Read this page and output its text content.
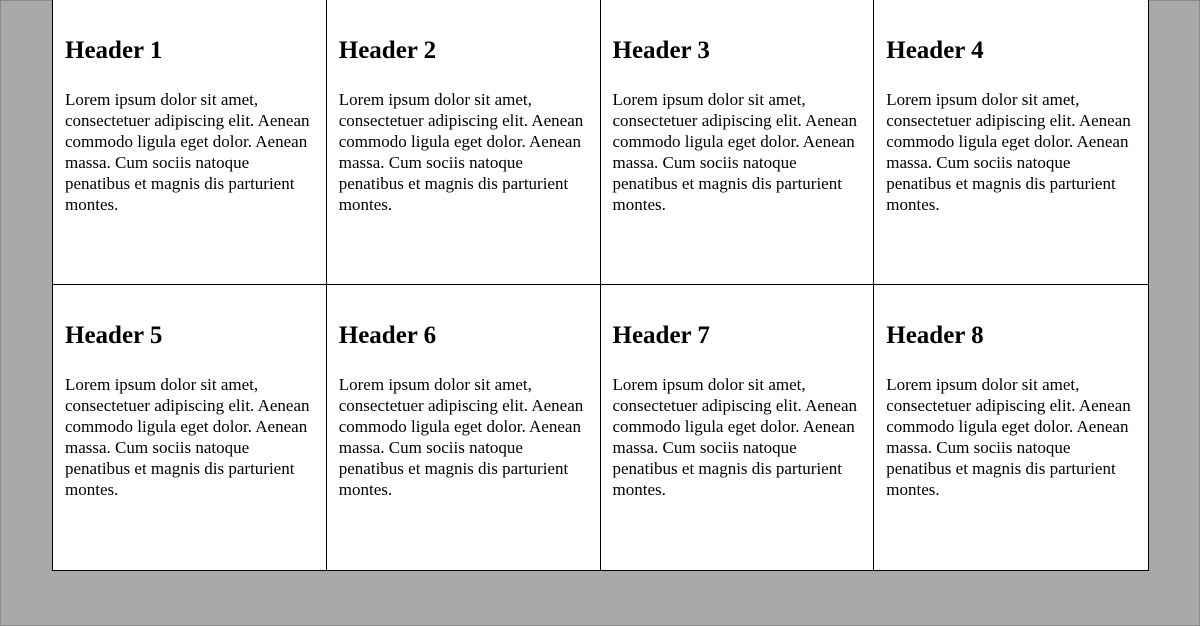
Header 1

Lorem ipsum dolor sit amet, consectetuer adipiscing elit. Aenean commodo ligula eget dolor. Aenean massa. Cum sociis natoque penatibus et magnis dis parturient montes.

Header 2

Lorem ipsum dolor sit amet, consectetuer adipiscing elit. Aenean commodo ligula eget dolor. Aenean massa. Cum sociis natoque penatibus et magnis dis parturient montes.

Header 3

Lorem ipsum dolor sit amet, consectetuer adipiscing elit. Aenean commodo ligula eget dolor. Aenean massa. Cum sociis natoque penatibus et magnis dis parturient montes.

Header 4

Lorem ipsum dolor sit amet, consectetuer adipiscing elit. Aenean commodo ligula eget dolor. Aenean massa. Cum sociis natoque penatibus et magnis dis parturient montes.

Header 5

Lorem ipsum dolor sit amet, consectetuer adipiscing elit. Aenean commodo ligula eget dolor. Aenean massa. Cum sociis natoque penatibus et magnis dis parturient montes.

Header 6

Lorem ipsum dolor sit amet, consectetuer adipiscing elit. Aenean commodo ligula eget dolor. Aenean massa. Cum sociis natoque penatibus et magnis dis parturient montes.

Header 7

Lorem ipsum dolor sit amet, consectetuer adipiscing elit. Aenean commodo ligula eget dolor. Aenean massa. Cum sociis natoque penatibus et magnis dis parturient montes.

Header 8

Lorem ipsum dolor sit amet, consectetuer adipiscing elit. Aenean commodo ligula eget dolor. Aenean massa. Cum sociis natoque penatibus et magnis dis parturient montes.
